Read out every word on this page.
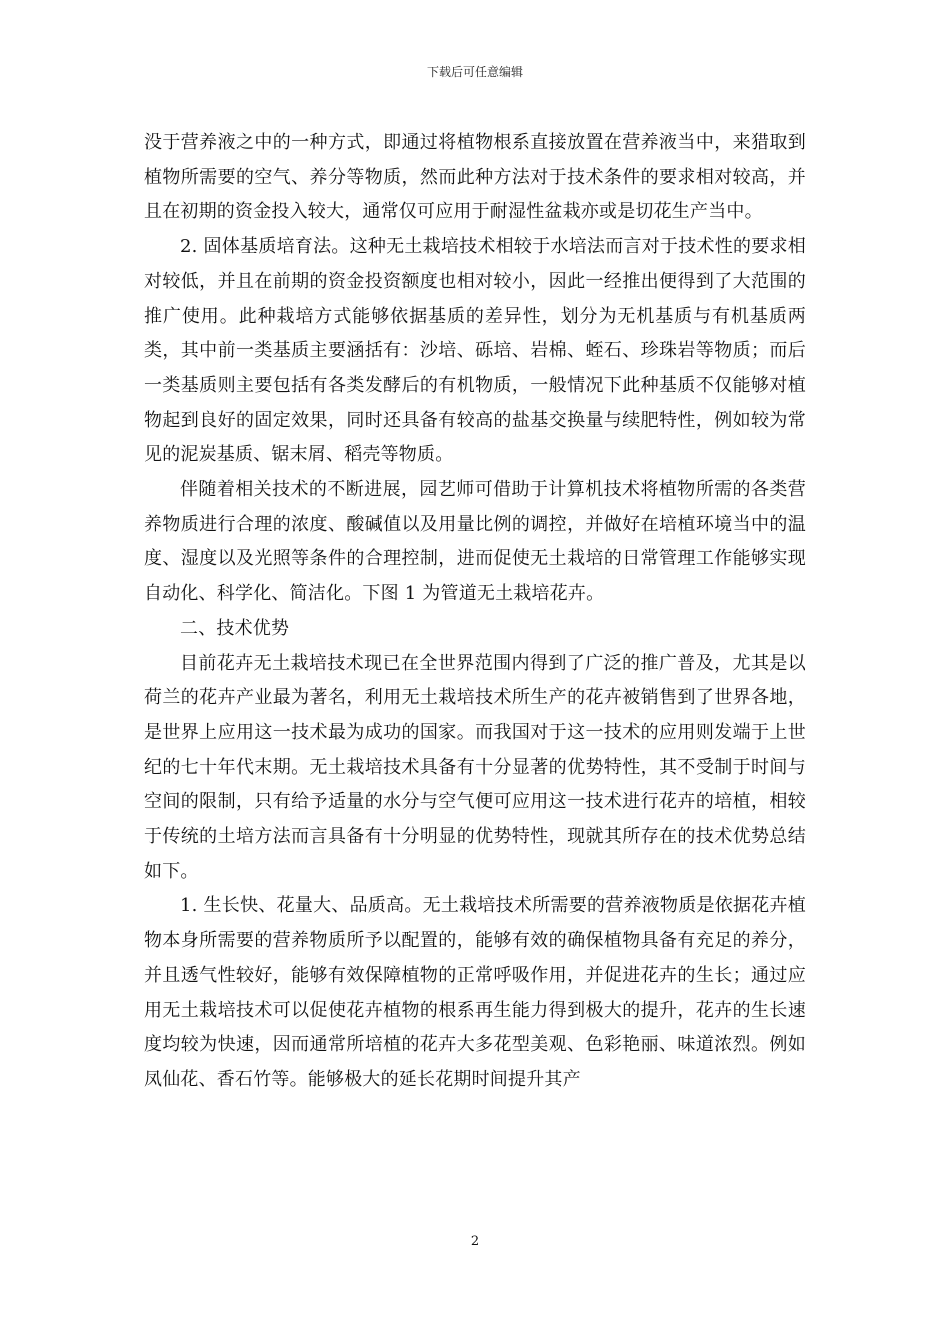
下载后可任意编辑

没于营养液之中的一种方式，即通过将植物根系直接放置在营养液当中，来猎取到植物所需要的空气、养分等物质，然而此种方法对于技术条件的要求相对较高，并且在初期的资金投入较大，通常仅可应用于耐湿性盆栽亦或是切花生产当中。

2. 固体基质培育法。这种无土栽培技术相较于水培法而言对于技术性的要求相对较低，并且在前期的资金投资额度也相对较小，因此一经推出便得到了大范围的推广使用。此种栽培方式能够依据基质的差异性，划分为无机基质与有机基质两类，其中前一类基质主要涵括有：沙培、砾培、岩棉、蛭石、珍珠岩等物质；而后一类基质则主要包括有各类发酵后的有机物质，一般情况下此种基质不仅能够对植物起到良好的固定效果，同时还具备有较高的盐基交换量与续肥特性，例如较为常见的泥炭基质、锯末屑、稻壳等物质。

伴随着相关技术的不断进展，园艺师可借助于计算机技术将植物所需的各类营养物质进行合理的浓度、酸碱值以及用量比例的调控，并做好在培植环境当中的温度、湿度以及光照等条件的合理控制，进而促使无土栽培的日常管理工作能够实现自动化、科学化、简洁化。下图 1 为管道无土栽培花卉。

二、技术优势

目前花卉无土栽培技术现已在全世界范围内得到了广泛的推广普及，尤其是以荷兰的花卉产业最为著名，利用无土栽培技术所生产的花卉被销售到了世界各地，是世界上应用这一技术最为成功的国家。而我国对于这一技术的应用则发端于上世纪的七十年代末期。无土栽培技术具备有十分显著的优势特性，其不受制于时间与空间的限制，只有给予适量的水分与空气便可应用这一技术进行花卉的培植，相较于传统的土培方法而言具备有十分明显的优势特性，现就其所存在的技术优势总结如下。

1. 生长快、花量大、品质高。无土栽培技术所需要的营养液物质是依据花卉植物本身所需要的营养物质所予以配置的，能够有效的确保植物具备有充足的养分，并且透气性较好，能够有效保障植物的正常呼吸作用，并促进花卉的生长；通过应用无土栽培技术可以促使花卉植物的根系再生能力得到极大的提升，花卉的生长速度均较为快速，因而通常所培植的花卉大多花型美观、色彩艳丽、味道浓烈。例如凤仙花、香石竹等。能够极大的延长花期时间提升其产

2
